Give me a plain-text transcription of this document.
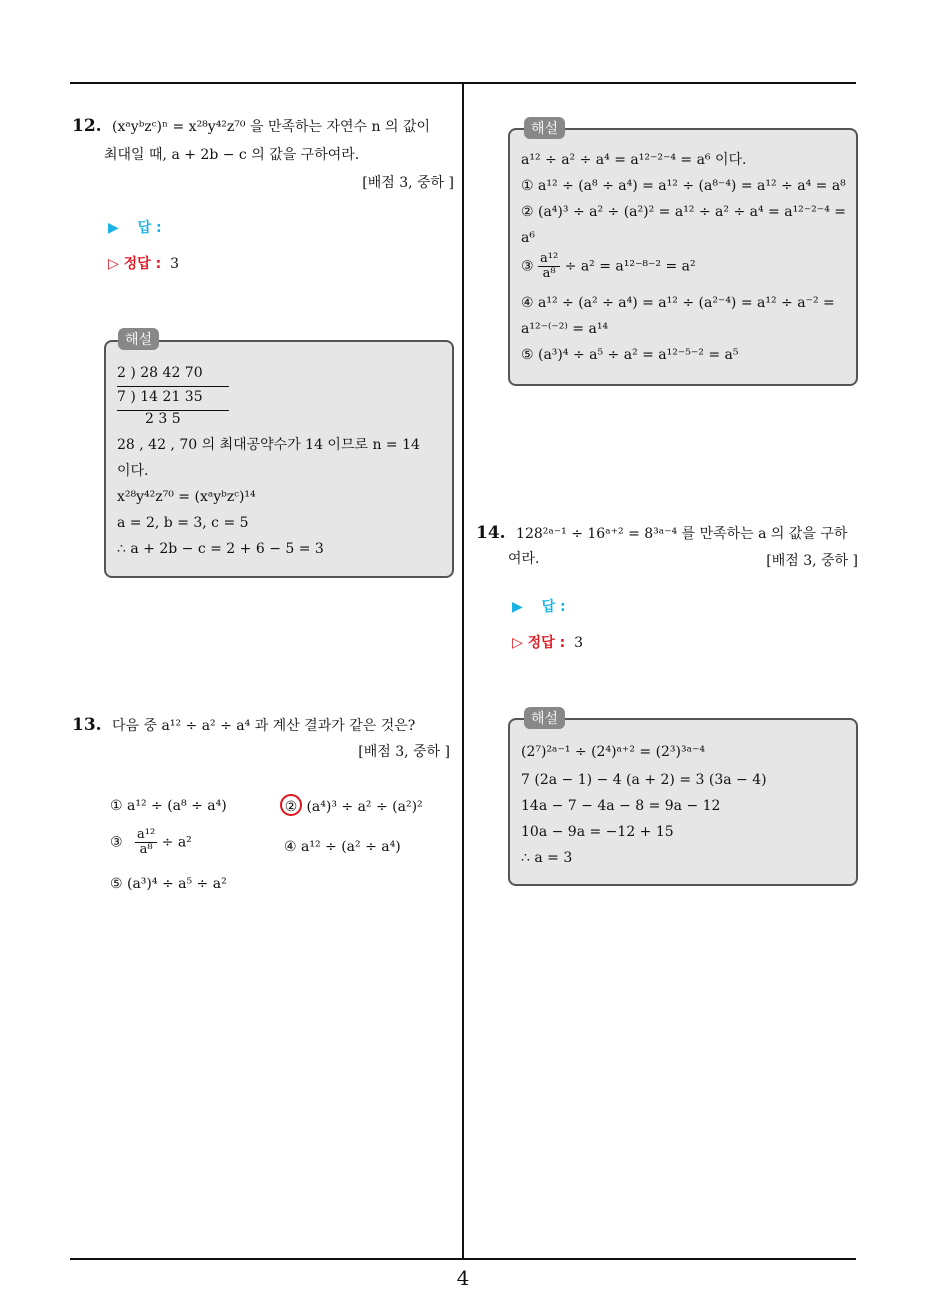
12. (xᵃyᵇzᶜ)ⁿ = x²⁸y⁴²z⁷⁰ 을 만족하는 자연수 n 의 값이
최대일 때, a + 2b − c 의 값을 구하여라.
[배점 3, 중하 ]
▶ 답 :
▷ 정답 : 3
해설
2 ) 28 42 70
7 ) 14 21 35
2 3 5
28 , 42 , 70 의 최대공약수가 14 이므로 n = 14
이다.
x²⁸y⁴²z⁷⁰ = (xᵃyᵇzᶜ)¹⁴
a = 2, b = 3, c = 5
∴ a + 2b − c = 2 + 6 − 5 = 3
13. 다음 중 a¹² ÷ a² ÷ a⁴ 과 계산 결과가 같은 것은?
[배점 3, 중하 ]
① a¹² ÷ (a⁸ ÷ a⁴)	② (a⁴)³ ÷ a² ÷ (a²)²
③ $\frac{\text{a¹²}}{\text{a⁸}} \div a^2$	④ a¹² ÷ (a² ÷ a⁴)
⑤ (a³)⁴ ÷ a⁵ ÷ a²
해설
a¹² ÷ a² ÷ a⁴ = a¹²⁻²⁻⁴ = a⁶ 이다.
① a¹² ÷ (a⁸ ÷ a⁴) = a¹² ÷ (a⁸⁻⁴) = a¹² ÷ a⁴ = a⁸
② (a⁴)³ ÷ a² ÷ (a²)² = a¹² ÷ a² ÷ a⁴ = a¹²⁻²⁻⁴ =
a⁶
③ $\frac{\text{a¹²}}{\text{a⁸}} \div a^2 = a^{12-8-2} = a^2$
④ a¹² ÷ (a² ÷ a⁴) = a¹² ÷ (a²⁻⁴) = a¹² ÷ a⁻² =
a¹²⁻⁽⁻²⁾ = a¹⁴
⑤ (a³)⁴ ÷ a⁵ ÷ a² = a¹²⁻⁵⁻² = a⁵
14. 128²ᵃ⁻¹ ÷ 16ᵃ⁺² = 8³ᵃ⁻⁴ 를 만족하는 a 의 값을 구하
여라.	[배점 3, 중하 ]
▶ 답 :
▷ 정답 : 3
해설
(2⁷)²ᵃ⁻¹ ÷ (2⁴)ᵃ⁺² = (2³)³ᵃ⁻⁴
7 (2a − 1) − 4 (a + 2) = 3 (3a − 4)
14a − 7 − 4a − 8 = 9a − 12
10a − 9a = −12 + 15
∴ a = 3
4
